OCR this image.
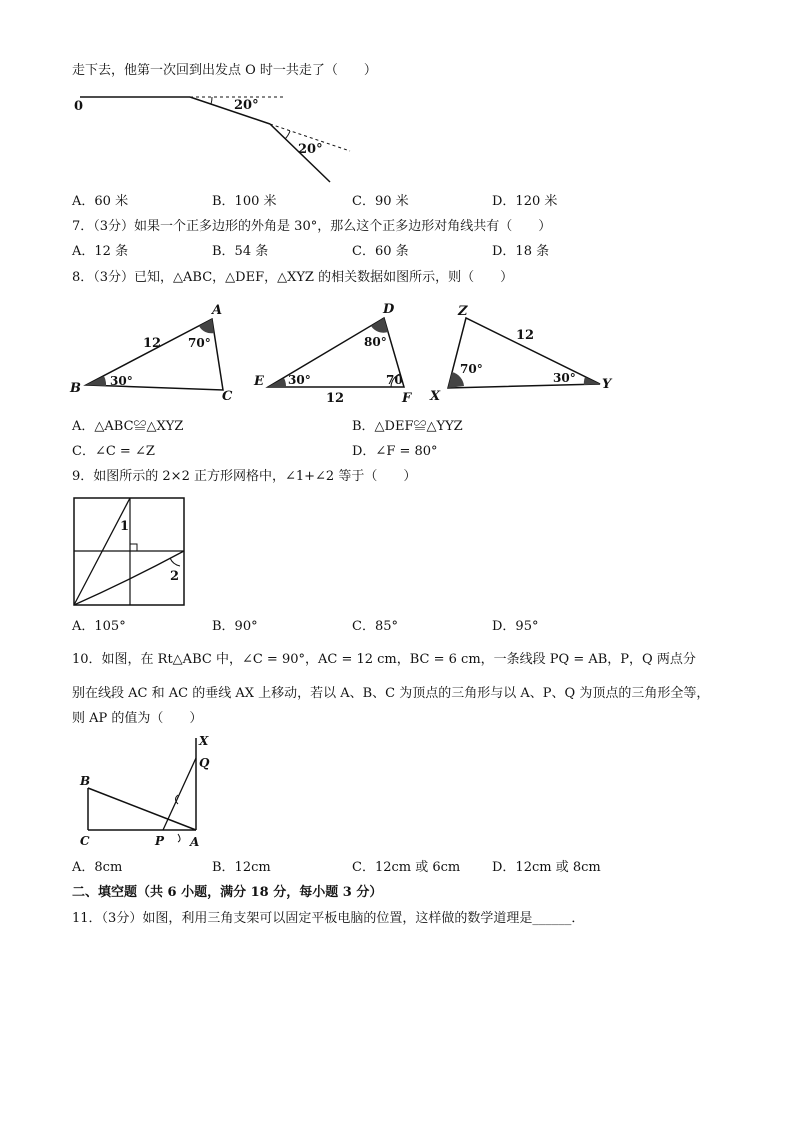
走下去，他第一次回到出发点 O 时一共走了（　　）
0	20°
20°
A．60 米	B．100 米	C．90 米	D．120 米
7．（3分）如果一个正多边形的外角是 30°，那么这个正多边形对角线共有（　　）
A．12 条	B．54 条	C．60 条	D．18 条
8．（3分）已知，△ABC，△DEF，△XYZ 的相关数据如图所示，则（　　）
A
B
C
12 70°
30°
D
E
F
12
80°
30°	70
X
Y
Z
12
70°
30°
A．△ABC≌△XYZ	B．△DEF≌△YYZ
C．∠C = ∠Z	D．∠F = 80°
9．如图所示的 2×2 正方形网格中，∠1+∠2 等于（　　）
1
2
A．105°	B．90°	C．85°	D．95°
10．如图，在 Rt△ABC 中，∠C = 90°，AC = 12 cm，BC = 6 cm，一条线段 PQ = AB，P，Q 两点分
别在线段 AC 和 AC 的垂线 AX 上移动，若以 A、B、C 为顶点的三角形与以 A、P、Q 为顶点的三角形全等，
则 AP 的值为（　　）
X
Q
B
C	P A
A．8cm	B．12cm	C．12cm 或 6cm D．12cm 或 8cm
二、填空题（共 6 小题，满分 18 分，每小题 3 分）
11．（3分）如图，利用三角支架可以固定平板电脑的位置，这样做的数学道理是______．
